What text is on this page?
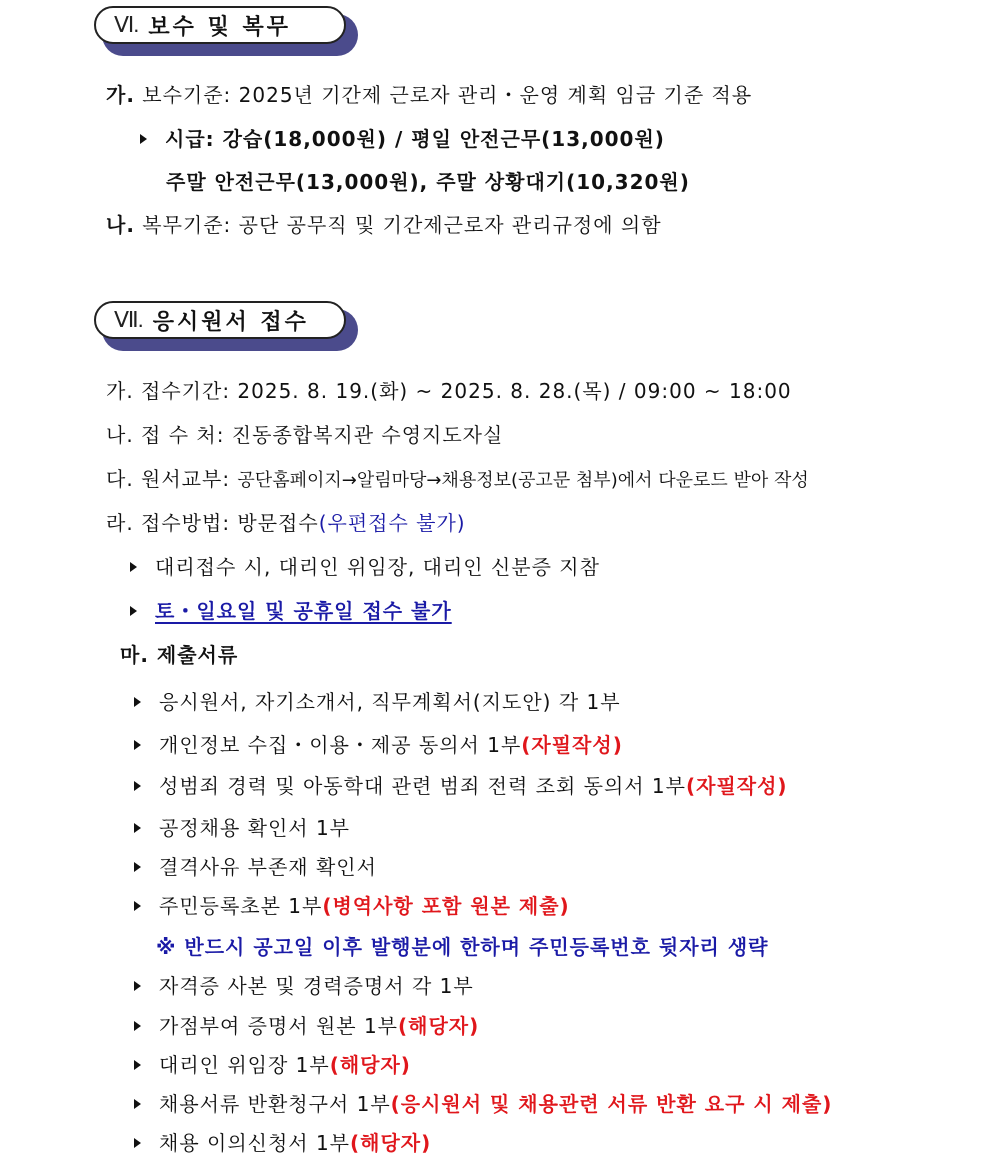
Ⅵ. 보수 및 복무
가. 보수기준: 2025년 기간제 근로자 관리・운영 계획 임금 기준 적용
시급: 강습(18,000원) / 평일 안전근무(13,000원)
주말 안전근무(13,000원), 주말 상황대기(10,320원)
나. 복무기준: 공단 공무직 및 기간제근로자 관리규정에 의함
Ⅶ. 응시원서 접수
가. 접수기간: 2025. 8. 19.(화) ~ 2025. 8. 28.(목) / 09:00 ~ 18:00
나. 접 수 처: 진동종합복지관 수영지도자실
다. 원서교부: 공단홈페이지→알림마당→채용정보(공고문 첨부)에서 다운로드 받아 작성
라. 접수방법: 방문접수(우편접수 불가)
대리접수 시, 대리인 위임장, 대리인 신분증 지참
토・일요일 및 공휴일 접수 불가
마. 제출서류
응시원서, 자기소개서, 직무계획서(지도안) 각 1부
개인정보 수집・이용・제공 동의서 1부(자필작성)
성범죄 경력 및 아동학대 관련 범죄 전력 조회 동의서 1부(자필작성)
공정채용 확인서 1부
결격사유 부존재 확인서
주민등록초본 1부(병역사항 포함 원본 제출)
※ 반드시 공고일 이후 발행분에 한하며 주민등록번호 뒷자리 생략
자격증 사본 및 경력증명서 각 1부
가점부여 증명서 원본 1부(해당자)
대리인 위임장 1부(해당자)
채용서류 반환청구서 1부(응시원서 및 채용관련 서류 반환 요구 시 제출)
채용 이의신청서 1부(해당자)
